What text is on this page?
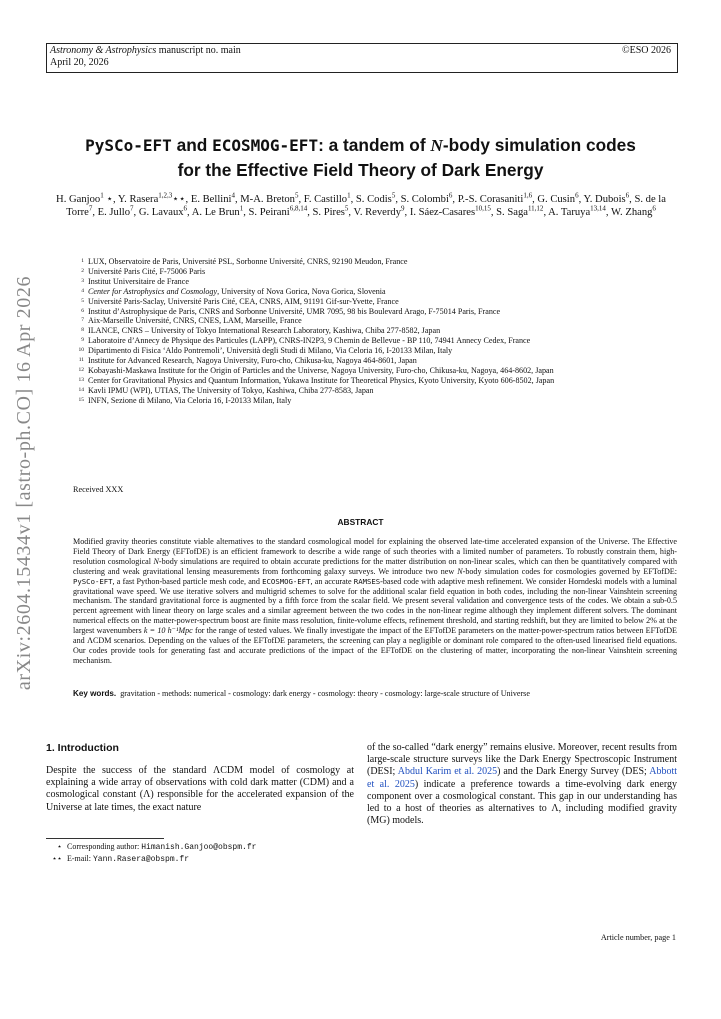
Astronomy & Astrophysics manuscript no. main
April 20, 2026
©ESO 2026
arXiv:2604.15434v1 [astro-ph.CO] 16 Apr 2026
PySCo-EFT and ECOSMOG-EFT: a tandem of N-body simulation codes
for the Effective Field Theory of Dark Energy
H. Ganjoo$^1$ ⋆, Y. Rasera$^{1,2,3}$⋆⋆, E. Bellini$^4$, M-A. Breton$^5$, F. Castillo$^1$, S. Codis$^5$, S. Colombi$^6$, P.-S. Corasaniti$^{1,6}$, G. Cusin$^6$, Y. Dubois$^6$, S. de la Torre$^7$, E. Jullo$^7$, G. Lavaux$^6$, A. Le Brun$^1$, S. Peirani$^{6,8,14}$, S. Pires$^5$, V. Reverdy$^9$, I. Sáez-Casares$^{10,15}$, S. Saga$^{11,12}$, A. Taruya$^{13,14}$, W. Zhang$^6$
1 LUX, Observatoire de Paris, Université PSL, Sorbonne Université, CNRS, 92190 Meudon, France
2 Université Paris Cité, F-75006 Paris
3 Institut Universitaire de France
4 Center for Astrophysics and Cosmology, University of Nova Gorica, Nova Gorica, Slovenia
5 Université Paris-Saclay, Université Paris Cité, CEA, CNRS, AIM, 91191 Gif-sur-Yvette, France
6 Institut d’Astrophysique de Paris, CNRS and Sorbonne Université, UMR 7095, 98 bis Boulevard Arago, F-75014 Paris, France
7 Aix-Marseille Université, CNRS, CNES, LAM, Marseille, France
8 ILANCE, CNRS – University of Tokyo International Research Laboratory, Kashiwa, Chiba 277-8582, Japan
9 Laboratoire d’Annecy de Physique des Particules (LAPP), CNRS-IN2P3, 9 Chemin de Bellevue - BP 110, 74941 Annecy Cedex, France
10 Dipartimento di Fisica ‘Aldo Pontremoli’, Università degli Studi di Milano, Via Celoria 16, I-20133 Milan, Italy
11 Institute for Advanced Research, Nagoya University, Furo-cho, Chikusa-ku, Nagoya 464-8601, Japan
12 Kobayashi-Maskawa Institute for the Origin of Particles and the Universe, Nagoya University, Furo-cho, Chikusa-ku, Nagoya, 464-8602, Japan
13 Center for Gravitational Physics and Quantum Information, Yukawa Institute for Theoretical Physics, Kyoto University, Kyoto 606-8502, Japan
14 Kavli IPMU (WPI), UTIAS, The University of Tokyo, Kashiwa, Chiba 277-8583, Japan
15 INFN, Sezione di Milano, Via Celoria 16, I-20133 Milan, Italy
Received XXX
ABSTRACT
Modified gravity theories constitute viable alternatives to the standard cosmological model for explaining the observed late-time accelerated expansion of the Universe. The Effective Field Theory of Dark Energy (EFTofDE) is an efficient framework to describe a wide range of such theories with a limited number of parameters. To robustly constrain them, high-resolution cosmological N-body simulations are required to obtain accurate predictions for the matter distribution on non-linear scales, which can then be quantitatively compared with clustering and weak gravitational lensing measurements from forthcoming galaxy surveys. We introduce two new N-body simulation codes for cosmologies governed by EFTofDE: PySCo-EFT, a fast Python-based particle mesh code, and ECOSMOG-EFT, an accurate RAMSES-based code with adaptive mesh refinement. We consider Horndeski models with a luminal gravitational wave speed. We use iterative solvers and multigrid schemes to solve for the additional scalar field equation in both codes, including the non-linear Vainshtein screening mechanism. The standard gravitational force is augmented by a fifth force from the scalar field. We present several validation and convergence tests of the codes. We obtain a sub-0.5 percent agreement with linear theory on large scales and a similar agreement between the two codes in the non-linear regime although they implement different solvers. The dominant numerical effects on the matter-power-spectrum boost are finite mass resolution, finite-volume effects, refinement threshold, and starting redshift, but they are limited to below 2% at the largest wavenumbers k = 10 h⁻¹Mpc for the range of tested values. We finally investigate the impact of the EFTofDE parameters on the matter-power-spectrum ratios between EFTofDE and ΛCDM scenarios. Depending on the values of the EFTofDE parameters, the screening can play a negligible or dominant role compared to the often-used linearised field equations. Our codes provide tools for generating fast and accurate predictions of the impact of the EFTofDE on the clustering of matter, incorporating the non-linear Vainshtein screening mechanism.
Key words. gravitation - methods: numerical - cosmology: dark energy - cosmology: theory - cosmology: large-scale structure of Universe
1. Introduction
Despite the success of the standard ΛCDM model of cosmology at explaining a wide array of observations with cold dark matter (CDM) and a cosmological constant (Λ) responsible for the accelerated expansion of the Universe at late times, the exact nature
of the so-called “dark energy” remains elusive. Moreover, recent results from large-scale structure surveys like the Dark Energy Spectroscopic Instrument (DESI; Abdul Karim et al. 2025) and the Dark Energy Survey (DES; Abbott et al. 2025) indicate a preference towards a time-evolving dark energy component over a cosmological constant. This gap in our understanding has led to a host of theories as alternatives to Λ, including modified gravity (MG) models.
⋆ Corresponding author: Himanish.Ganjoo@obspm.fr
⋆⋆ E-mail: Yann.Rasera@obspm.fr
Article number, page 1
